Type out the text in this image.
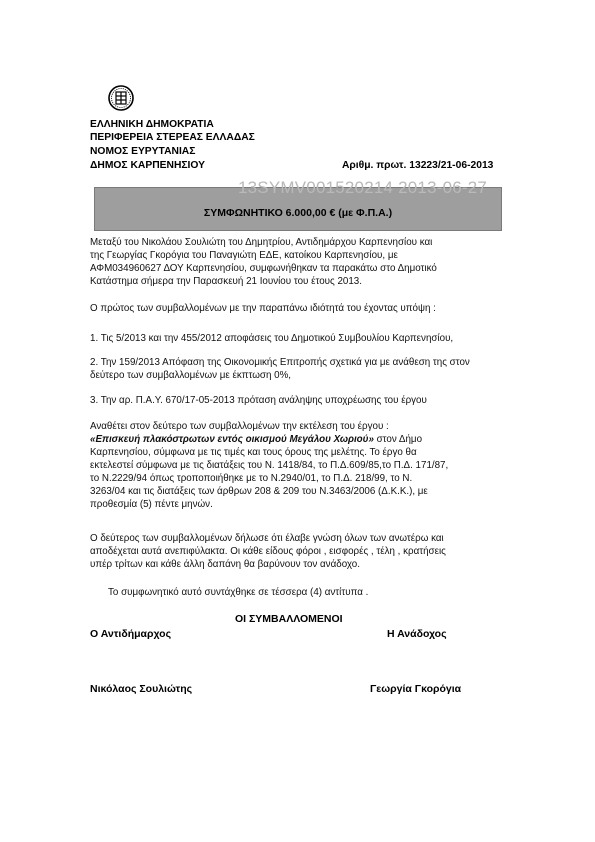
ΕΛΛΗΝΙΚΗ ΔΗΜΟΚΡΑΤΙΑ
ΠΕΡΙΦΕΡΕΙΑ ΣΤΕΡΕΑΣ ΕΛΛΑΔΑΣ
ΝΟΜΟΣ ΕΥΡΥΤΑΝΙΑΣ
ΔΗΜΟΣ ΚΑΡΠΕΝΗΣΙΟΥ	Αριθμ. πρωτ. 13223/21-06-2013
ΣΥΜΦΩΝΗΤΙΚΟ 6.000,00 € (με Φ.Π.Α.)
13SYMV001520214 2013-06-27
Μεταξύ του Νικολάου Σουλιώτη του Δημητρίου, Αντιδημάρχου Καρπενησίου και
της Γεωργίας Γκορόγια του Παναγιώτη ΕΔΕ, κατοίκου Καρπενησίου, με
ΑΦΜ034960627 ΔΟΥ Καρπενησίου, συμφωνήθηκαν τα παρακάτω στο Δημοτικό
Κατάστημα σήμερα την Παρασκευή 21 Ιουνίου του έτους 2013.
Ο πρώτος των συμβαλλομένων με την παραπάνω ιδιότητά του έχοντας υπόψη :
1. Τις 5/2013 και την 455/2012 αποφάσεις του Δημοτικού Συμβουλίου Καρπενησίου,
2. Την 159/2013 Απόφαση της Οικονομικής Επιτροπής σχετικά για με ανάθεση της στον
δεύτερο των συμβαλλομένων με έκπτωση 0%,
3. Την αρ. Π.Α.Υ. 670/17-05-2013 πρόταση ανάληψης υποχρέωσης του έργου
Αναθέτει στον δεύτερο των συμβαλλομένων την εκτέλεση του έργου :
«Επισκευή πλακόστρωτων εντός οικισμού Μεγάλου Χωριού» στον Δήμο
Καρπενησίου, σύμφωνα με τις τιμές και τους όρους της μελέτης. Το έργο θα
εκτελεστεί σύμφωνα με τις διατάξεις του Ν. 1418/84, το Π.Δ.609/85,το Π.Δ. 171/87,
το Ν.2229/94 όπως τροποποιήθηκε με το Ν.2940/01, το Π.Δ. 218/99, το Ν.
3263/04 και τις διατάξεις των άρθρων 208 & 209 του Ν.3463/2006 (Δ.Κ.Κ.), με
προθεσμία (5) πέντε μηνών.
Ο δεύτερος των συμβαλλομένων δήλωσε ότι έλαβε γνώση όλων των ανωτέρω και
αποδέχεται αυτά ανεπιφύλακτα. Οι κάθε είδους φόροι , εισφορές , τέλη , κρατήσεις
υπέρ τρίτων και κάθε άλλη δαπάνη θα βαρύνουν τον ανάδοχο.
Το συμφωνητικό αυτό συντάχθηκε σε τέσσερα (4) αντίτυπα .
ΟΙ ΣΥΜΒΑΛΛΟΜΕΝΟΙ
Ο Αντιδήμαρχος	Η Ανάδοχος
Νικόλαος Σουλιώτης	Γεωργία Γκορόγια
